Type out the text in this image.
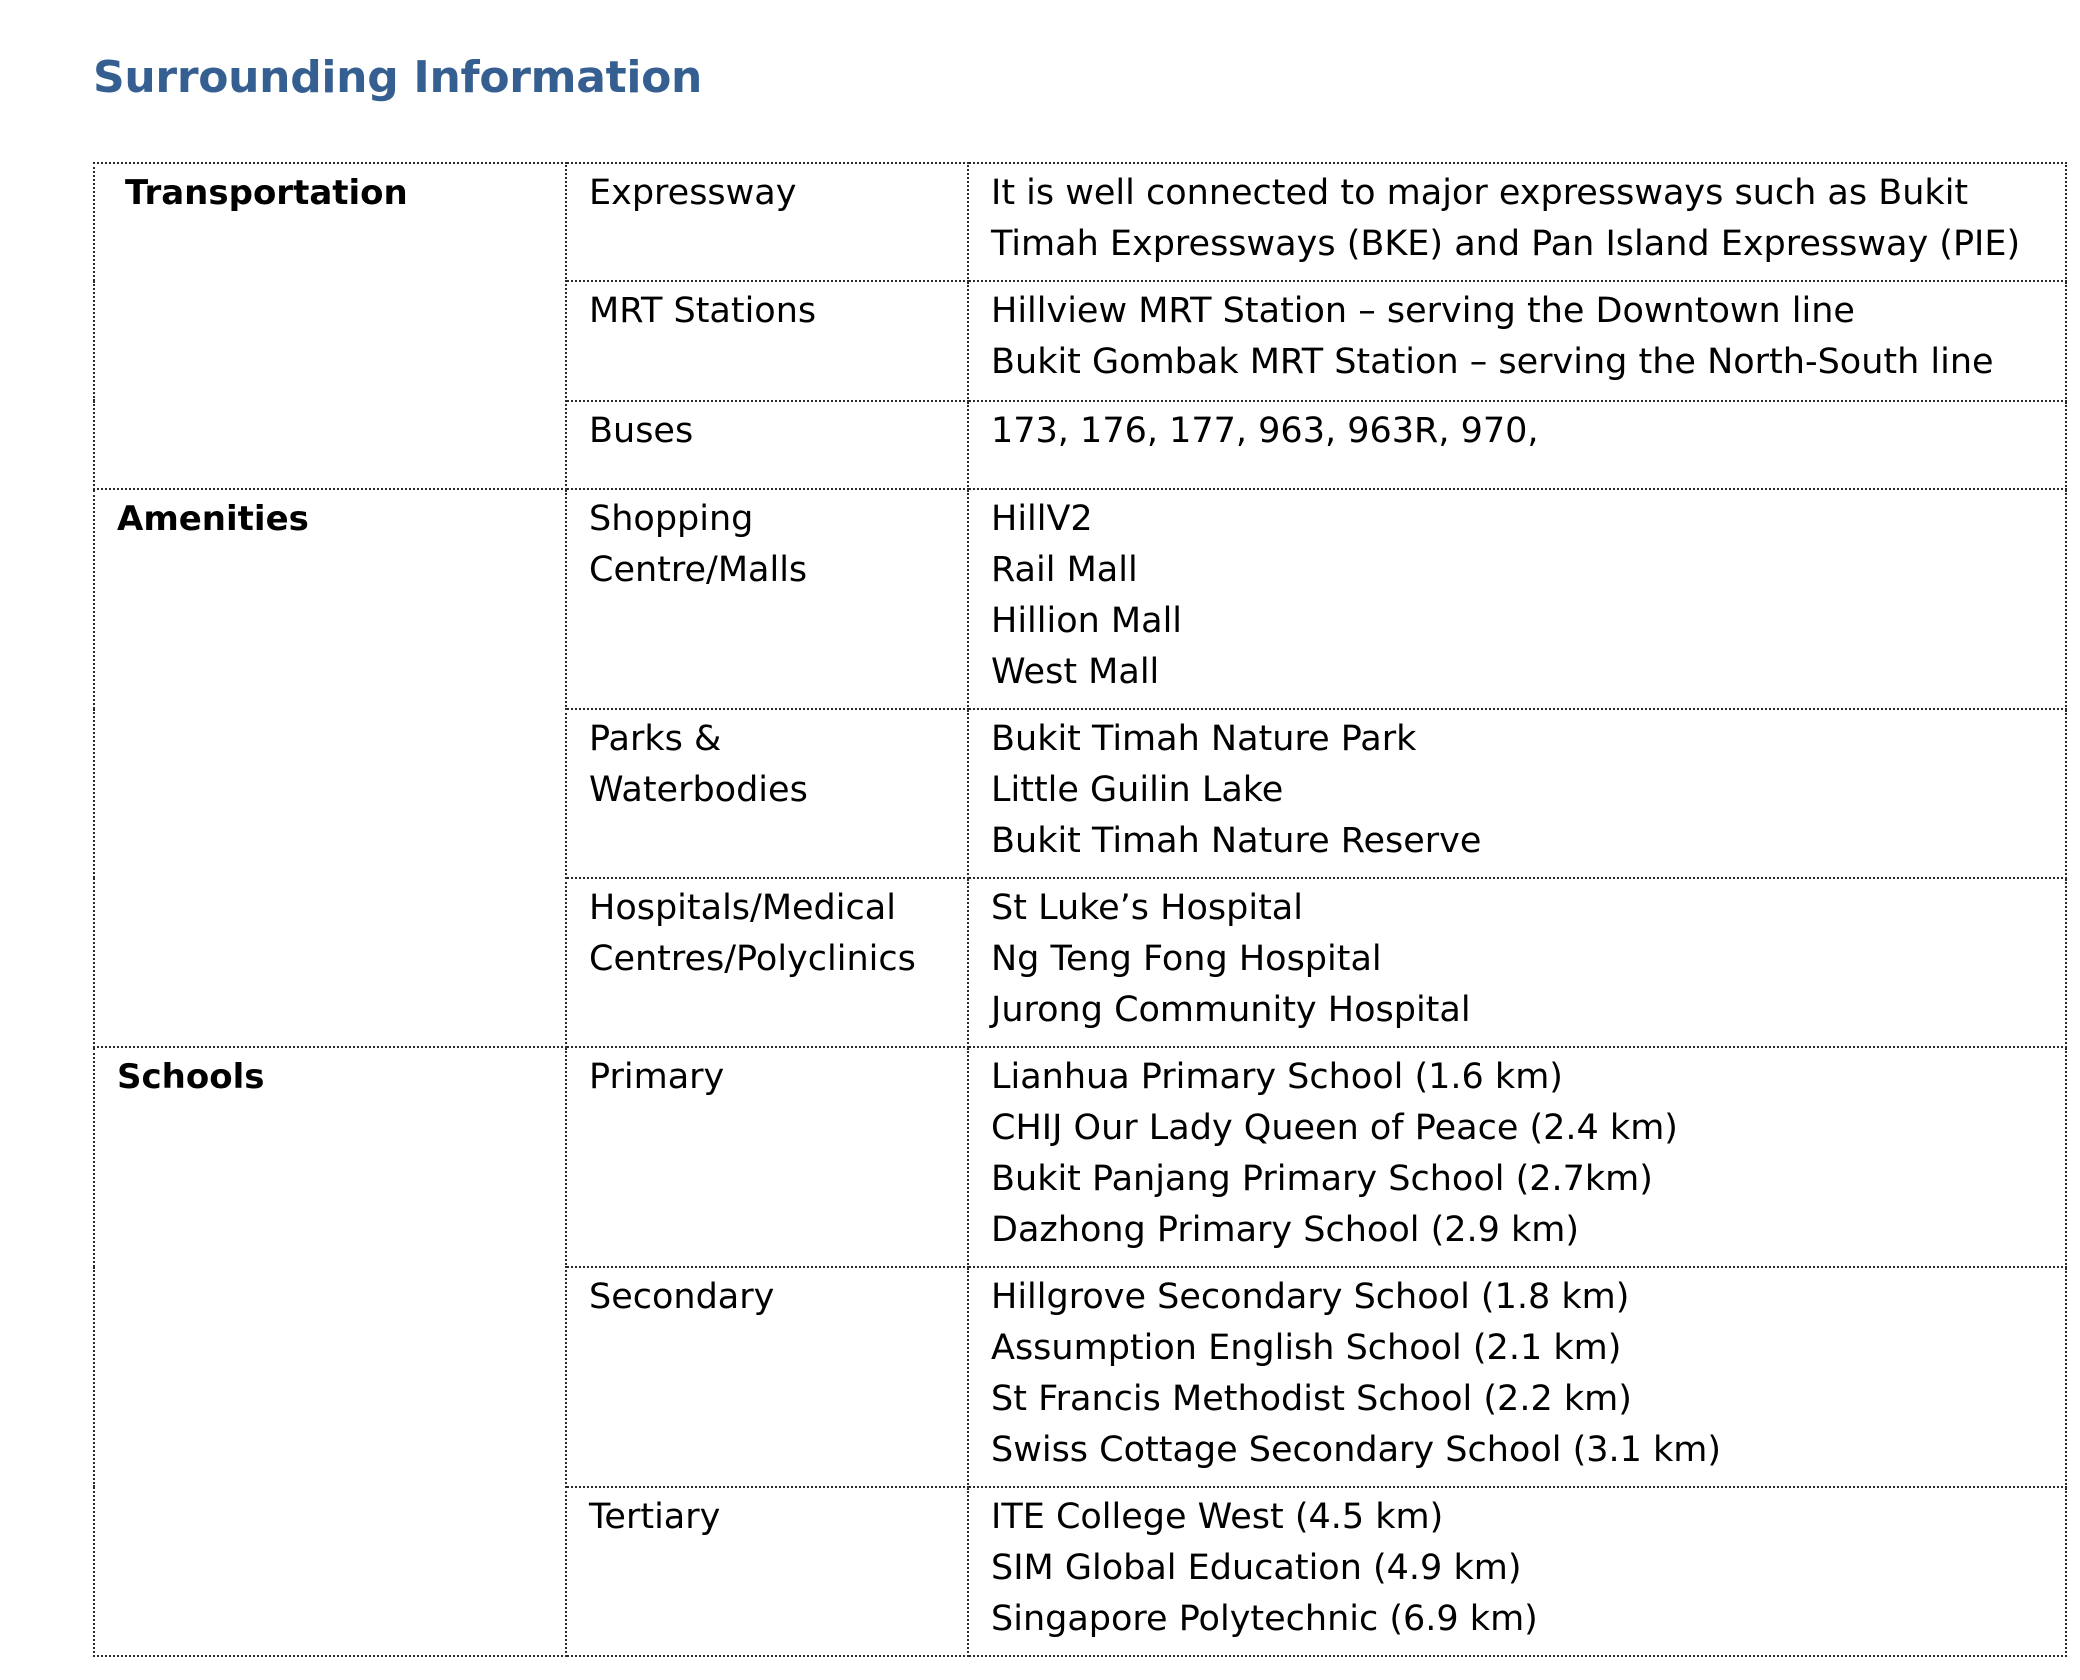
Surrounding Information
Transportation	Expressway	It is well connected to major expressways such as Bukit
Timah Expressways (BKE) and Pan Island Expressway (PIE)

	MRT Stations	Hillview MRT Station – serving the Downtown line
Bukit Gombak MRT Station – serving the North-South line

	Buses	173, 176, 177, 963, 963R, 970,

Amenities	Shopping
Centre/Malls	HillV2
Rail Mall
Hillion Mall
West Mall

	Parks &
Waterbodies	Bukit Timah Nature Park
Little Guilin Lake
Bukit Timah Nature Reserve

	Hospitals/Medical
Centres/Polyclinics	St Luke’s Hospital
Ng Teng Fong Hospital
Jurong Community Hospital

Schools	Primary	Lianhua Primary School (1.6 km)
CHIJ Our Lady Queen of Peace (2.4 km)
Bukit Panjang Primary School (2.7km)
Dazhong Primary School (2.9 km)

	Secondary	Hillgrove Secondary School (1.8 km)
Assumption English School (2.1 km)
St Francis Methodist School (2.2 km)
Swiss Cottage Secondary School (3.1 km)

	Tertiary	ITE College West (4.5 km)
SIM Global Education (4.9 km)
Singapore Polytechnic (6.9 km)
